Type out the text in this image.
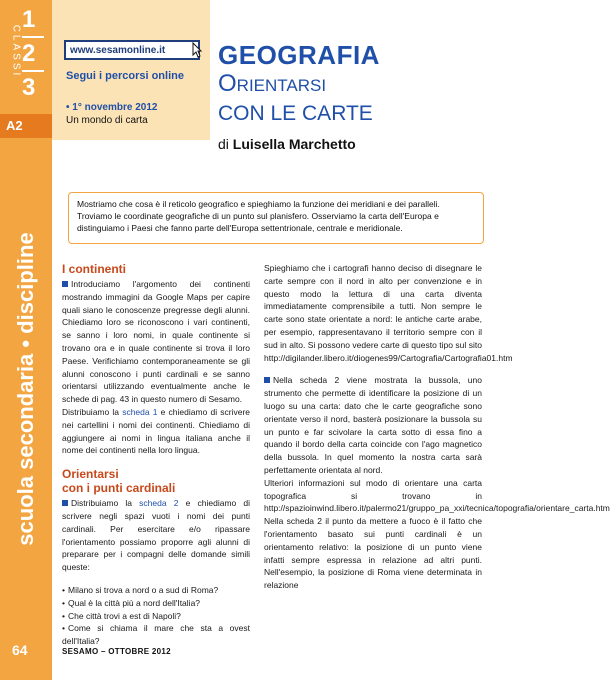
CLASSI
1
2
3
A2
scuola secondaria • discipline
64
www.sesamonline.it
Segui i percorsi online
• 1° novembre 2012
Un mondo di carta
GEOGRAFIA
Orientarsi
CON LE CARTE
di Luisella Marchetto
Mostriamo che cosa è il reticolo geografico e spieghiamo la funzione dei meridiani e dei paralleli. Troviamo le coordinate geografiche di un punto sul planisfero. Osserviamo la carta dell'Europa e distinguiamo i Paesi che fanno parte dell'Europa settentrionale, centrale e meridionale.
I continenti
Introduciamo l'argomento dei continenti mostrando immagini da Google Maps per capire quali siano le conoscenze pregresse degli alunni. Chiediamo loro se riconoscono i vari continenti, se sanno i loro nomi, in quale continente si trovano ora e in quale continente si trova il loro Paese. Verifichiamo contemporaneamente se gli alunni conoscono i punti cardinali e se sanno orientarsi utilizzando eventualmente anche le schede di pag. 43 in questo numero di Sesamo.
Distribuiamo la scheda 1 e chiediamo di scrivere nei cartellini i nomi dei continenti. Chiediamo di aggiungere ai nomi in lingua italiana anche il nome dei continenti nella loro lingua.
Orientarsi
con i punti cardinali
Distribuiamo la scheda 2 e chiediamo di scrivere negli spazi vuoti i nomi dei punti cardinali. Per esercitare e/o ripassare l'orientamento possiamo proporre agli alunni di preparare per i compagni delle domande simili queste:
• Milano si trova a nord o a sud di Roma?
• Qual è la città più a nord dell'Italia?
• Che città trovi a est di Napoli?
• Come si chiama il mare che sta a ovest dell'Italia?
Spieghiamo che i cartografi hanno deciso di disegnare le carte sempre con il nord in alto per convenzione e in questo modo la lettura di una carta diventa immediatamente comprensibile a tutti. Non sempre le carte sono state orientate a nord: le antiche carte arabe, per esempio, rappresentavano il territorio sempre con il sud in alto. Si possono vedere carte di questo tipo sul sito http://digilander.libero.it/diogenes99/Cartografia/Cartografia01.htm
Nella scheda 2 viene mostrata la bussola, uno strumento che permette di identificare la posizione di un luogo su una carta: dato che le carte geografiche sono orientate verso il nord, basterà posizionare la bussola su un punto e far scivolare la carta sotto di essa fino a quando il bordo della carta coincide con l'ago magnetico della bussola. In quel momento la nostra carta sarà perfettamente orientata al nord.
Ulteriori informazioni sul modo di orientare una carta topografica si trovano in http://spazioinwind.libero.it/palermo21/gruppo_pa_xxi/tecnica/topografia/orientare_carta.htm
Nella scheda 2 il punto da mettere a fuoco è il fatto che l'orientamento basato sui punti cardinali è un orientamento relativo: la posizione di un punto viene infatti sempre espressa in relazione ad altri punti. Nell'esempio, la posizione di Roma viene determinata in relazione
SESAMO – OTTOBRE 2012
